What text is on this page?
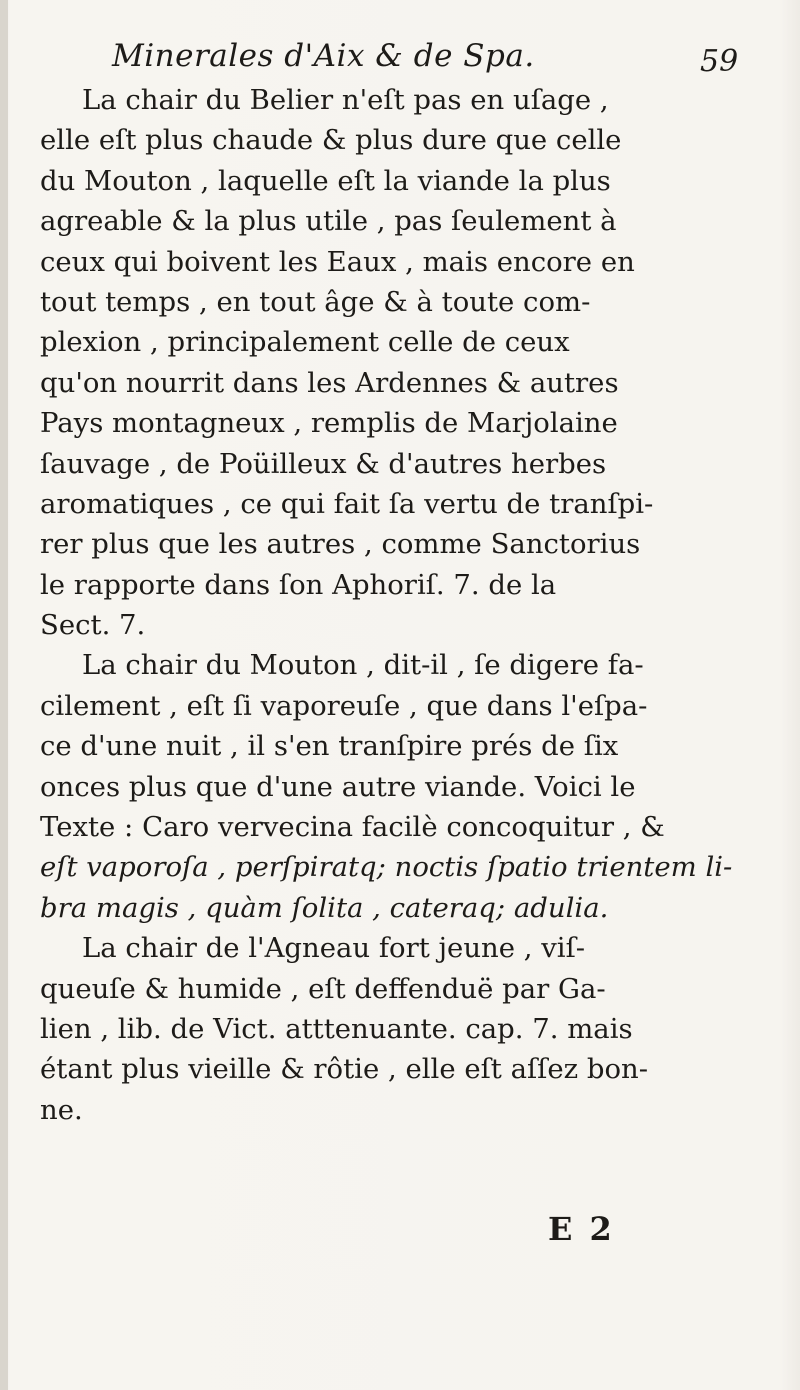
Minerales d'Aix & de Spa.	59
La chair du Belier n'eſt pas en uſage ,
elle eſt plus chaude & plus dure que celle
du Mouton , laquelle eſt la viande la plus
agreable & la plus utile , pas ſeulement à
ceux qui boivent les Eaux , mais encore en
tout temps , en tout âge & à toute com-
plexion , principalement celle de ceux
qu'on nourrit dans les Ardennes & autres
Pays montagneux , remplis de Marjolaine
ſauvage , de Poüilleux & d'autres herbes
aromatiques , ce qui fait ſa vertu de tranſpi-
rer plus que les autres , comme Sanctorius
le rapporte dans ſon Aphoriſ. 7. de la
Sect. 7.
La chair du Mouton , dit-il , ſe digere fa-
cilement , eſt ſi vaporeuſe , que dans l'eſpa-
ce d'une nuit , il s'en tranſpire prés de ſix
onces plus que d'une autre viande. Voici le
Texte : Caro vervecina facilè concoquitur , &
eſt vaporoſa , perſpiratq; noctis ſpatio trientem li-
bra magis , quàm ſolita , cateraq; adulia.
La chair de l'Agneau fort jeune , viſ-
queuſe & humide , eſt deffenduë par Ga-
lien , lib. de Vict. atttenuante. cap. 7. mais
étant plus vieille & rôtie , elle eſt aſſez bon-
ne.
E 2
